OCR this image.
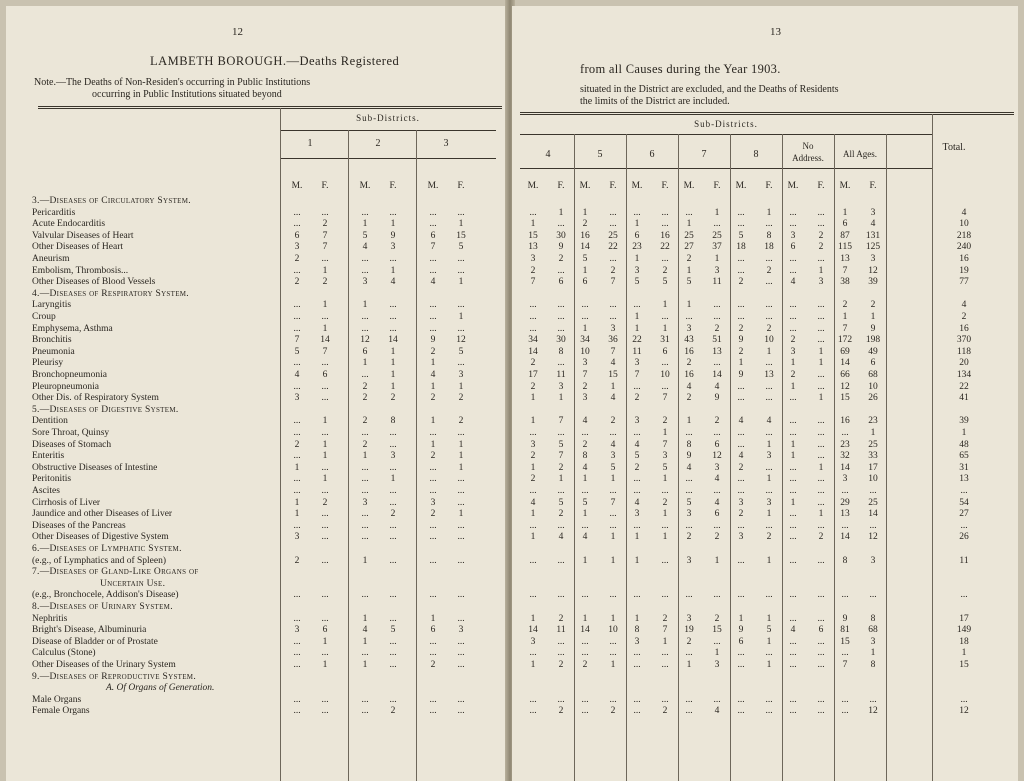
12
LAMBETH BOROUGH.—Deaths Registered
Note.—The Deaths of Non-Residen's occurring in Public Institutions
occurring in Public Institutions situated beyond
Sub-Districts.
1	2	3
M.	F.	M.	F.	M.	F.
3.—Diseases of Circulatory System.
Pericarditis	...	...	...	...	...	...
Acute Endocarditis	...	2	1	1	...	1
Valvular Diseases of Heart	6	7	5	9	6	15
Other Diseases of Heart	3	7	4	3	7	5
Aneurism	2	...	...	...	...	...
Embolism, Thrombosis...	...	1	...	1	...	...
Other Diseases of Blood Vessels	2	2	3	4	4	1
4.—Diseases of Respiratory System.
Laryngitis	...	1	1	...	...	...
Croup	...	...	...	...	...	1
Emphysema, Asthma	...	1	...	...	...	...
Bronchitis	7	14	12	14	9	12
Pneumonia	5	7	6	1	2	5
Pleurisy	...	...	1	1	1	...
Bronchopneumonia	4	6	...	1	4	3
Pleuropneumonia	...	...	2	1	1	1
Other Dis. of Respiratory System	3	...	2	2	2	2
5.—Diseases of Digestive System.
Dentition	...	1	2	8	1	2
Sore Throat, Quinsy	...	...	...	...	...	...
Diseases of Stomach	2	1	2	...	1	1
Enteritis	...	1	1	3	2	1
Obstructive Diseases of Intestine	1	...	...	...	...	1
Peritonitis	...	1	...	1	...	...
Ascites	...	...	...	...	...	...
Cirrhosis of Liver	1	2	3	...	3	...
Jaundice and other Diseases of Liver	1	...	...	2	2	1
Diseases of the Pancreas	...	...	...	...	...	...
Other Diseases of Digestive System	3	...	...	...	...	...
6.—Diseases of Lymphatic System.
(e.g., of Lymphatics and of Spleen)	2	...	1	...	...	...
7.—Diseases of Gland-Like Organs of
Uncertain Use.
(e.g., Bronchocele, Addison's Disease)	...	...	...	...	...	...
8.—Diseases of Urinary System.
Nephritis	...	...	1	...	1	...
Bright's Disease, Albuminuria	3	6	4	5	6	3
Disease of Bladder or of Prostate	...	1	1	...	...	...
Calculus (Stone)	...	...	...	...	...	...
Other Diseases of the Urinary System	...	1	1	...	2	...
9.—Diseases of Reproductive System.
A. Of Organs of Generation.
Male Organs	...	...	...	...	...	...
Female Organs	...	...	...	2	...	...
13
from all Causes during the Year 1903.
situated in the District are excluded, and the Deaths of Residents
the limits of the District are included.
Sub-Districts.
Total.
4	5	6	7	8
No
Address.	All Ages.
M.	F.	M.	F.	M.	F.	M.	F.	M.	F.	M.	F.	M.	F.
...	1	1	...	...	...	...	1	...	1	...	...	1	3	4
1	...	2	...	1	...	1	...	...	...	...	...	6	4	10
15	30	16	25	6	16	25	25	5	8	3	2	87	131	218
13	9	14	22	23	22	27	37	18	18	6	2	115	125	240
3	2	5	...	1	...	2	1	...	...	...	...	13	3	16
2	...	1	2	3	2	1	3	...	2	...	1	7	12	19
7	6	6	7	5	5	5	11	2	...	4	3	38	39	77
...	...	...	...	...	1	1	...	...	...	...	...	2	2	4
...	...	...	...	1	...	...	...	...	...	...	...	1	1	2
...	...	1	3	1	1	3	2	2	2	...	...	7	9	16
34	30	34	36	22	31	43	51	9	10	2	...	172	198	370
14	8	10	7	11	6	16	13	2	1	3	1	69	49	118
2	...	3	4	3	...	2	...	1	...	1	1	14	6	20
17	11	7	15	7	10	16	14	9	13	2	...	66	68	134
2	3	2	1	...	...	4	4	...	...	1	...	12	10	22
1	1	3	4	2	7	2	9	...	...	...	1	15	26	41
1	7	4	2	3	2	1	2	4	4	...	...	16	23	39
...	...	...	...	...	1	...	...	...	...	...	...	...	1	1
3	5	2	4	4	7	8	6	...	1	1	...	23	25	48
2	7	8	3	5	3	9	12	4	3	1	...	32	33	65
1	2	4	5	2	5	4	3	2	...	...	1	14	17	31
2	1	1	1	...	1	...	4	...	1	...	...	3	10	13
...	...	...	...	...	...	...	...	...	...	...	...	...	...	...
4	5	5	7	4	2	5	4	3	3	1	...	29	25	54
1	2	1	...	3	1	3	6	2	1	...	1	13	14	27
...	...	...	...	...	...	...	...	...	...	...	...	...	...	...
1	4	4	1	1	1	2	2	3	2	...	2	14	12	26
...	...	1	1	1	...	3	1	...	1	...	...	8	3	11
...	...	...	...	...	...	...	...	...	...	...	...	...	...	...
1	2	1	1	1	2	3	2	1	1	...	...	9	8	17
14	11	14	10	8	7	19	15	9	5	4	6	81	68	149
3	...	...	...	3	1	2	...	6	1	...	...	15	3	18
...	...	...	...	...	...	...	1	...	...	...	...	...	1	1
1	2	2	1	...	...	1	3	...	1	...	...	7	8	15
...	...	...	...	...	...	...	...	...	...	...	...	...	...	...
...	2	...	2	...	2	...	4	...	...	...	...	...	12	12
